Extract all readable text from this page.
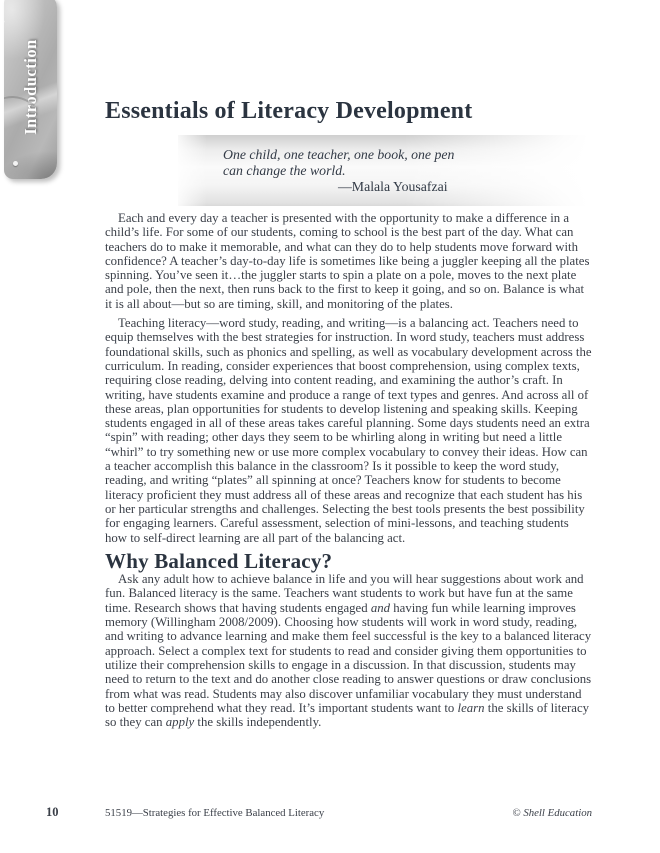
Introduction	Essentials of Literacy Development
One child, one teacher, one book, one pen
can change the world.
—Malala Yousafzai

Each and every day a teacher is presented with the opportunity to make a difference in a child’s life. For some of our students, coming to school is the best part of the day. What can teachers do to make it memorable, and what can they do to help students move forward with confidence? A teacher’s day-to-day life is sometimes like being a juggler keeping all the plates spinning. You’ve seen it…the juggler starts to spin a plate on a pole, moves to the next plate and pole, then the next, then runs back to the first to keep it going, and so on. Balance is what it is all about—but so are timing, skill, and monitoring of the plates.

Teaching literacy—word study, reading, and writing—is a balancing act. Teachers need to equip themselves with the best strategies for instruction. In word study, teachers must address foundational skills, such as phonics and spelling, as well as vocabulary development across the curriculum. In reading, consider experiences that boost comprehension, using complex texts, requiring close reading, delving into content reading, and examining the author’s craft. In writing, have students examine and produce a range of text types and genres. And across all of these areas, plan opportunities for students to develop listening and speaking skills. Keeping students engaged in all of these areas takes careful planning. Some days students need an extra “spin” with reading; other days they seem to be whirling along in writing but need a little “whirl” to try something new or use more complex vocabulary to convey their ideas. How can a teacher accomplish this balance in the classroom? Is it possible to keep the word study, reading, and writing “plates” all spinning at once? Teachers know for students to become literacy proficient they must address all of these areas and recognize that each student has his or her particular strengths and challenges. Selecting the best tools presents the best possibility for engaging learners. Careful assessment, selection of mini-lessons, and teaching students how to self-direct learning are all part of the balancing act.

Why Balanced Literacy?

Ask any adult how to achieve balance in life and you will hear suggestions about work and fun. Balanced literacy is the same. Teachers want students to work but have fun at the same time. Research shows that having students engaged and having fun while learning improves memory (Willingham 2008/2009). Choosing how students will work in word study, reading, and writing to advance learning and make them feel successful is the key to a balanced literacy approach. Select a complex text for students to read and consider giving them opportunities to utilize their comprehension skills to engage in a discussion. In that discussion, students may need to return to the text and do another close reading to answer questions or draw conclusions from what was read. Students may also discover unfamiliar vocabulary they must understand to better comprehend what they read. It’s important students want to learn the skills of literacy so they can apply the skills independently.

10	51519—Strategies for Effective Balanced Literacy	© Shell Education
